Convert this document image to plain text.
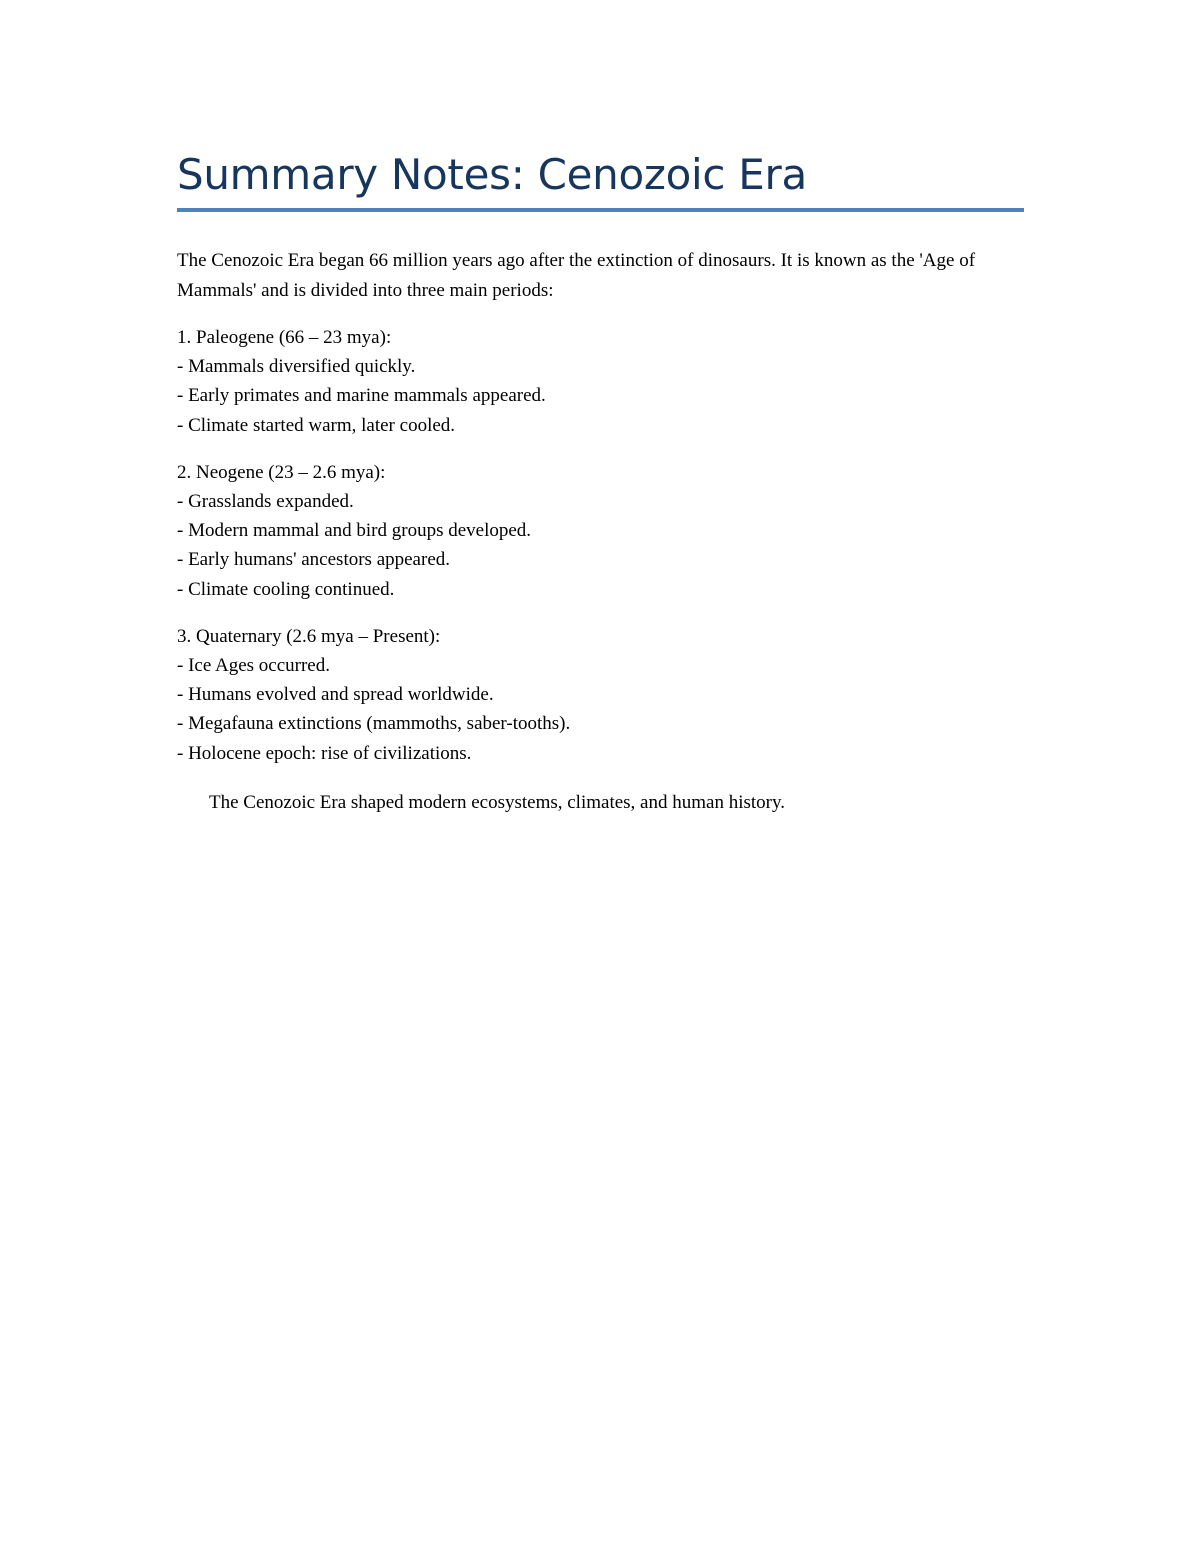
Summary Notes: Cenozoic Era

The Cenozoic Era began 66 million years ago after the extinction of dinosaurs. It is known as the 'Age of Mammals' and is divided into three main periods:

1. Paleogene (66 – 23 mya):
- Mammals diversified quickly.
- Early primates and marine mammals appeared.
- Climate started warm, later cooled.
2. Neogene (23 – 2.6 mya):
- Grasslands expanded.
- Modern mammal and bird groups developed.
- Early humans' ancestors appeared.
- Climate cooling continued.
3. Quaternary (2.6 mya – Present):
- Ice Ages occurred.
- Humans evolved and spread worldwide.
- Megafauna extinctions (mammoths, saber-tooths).
- Holocene epoch: rise of civilizations.
The Cenozoic Era shaped modern ecosystems, climates, and human history.
